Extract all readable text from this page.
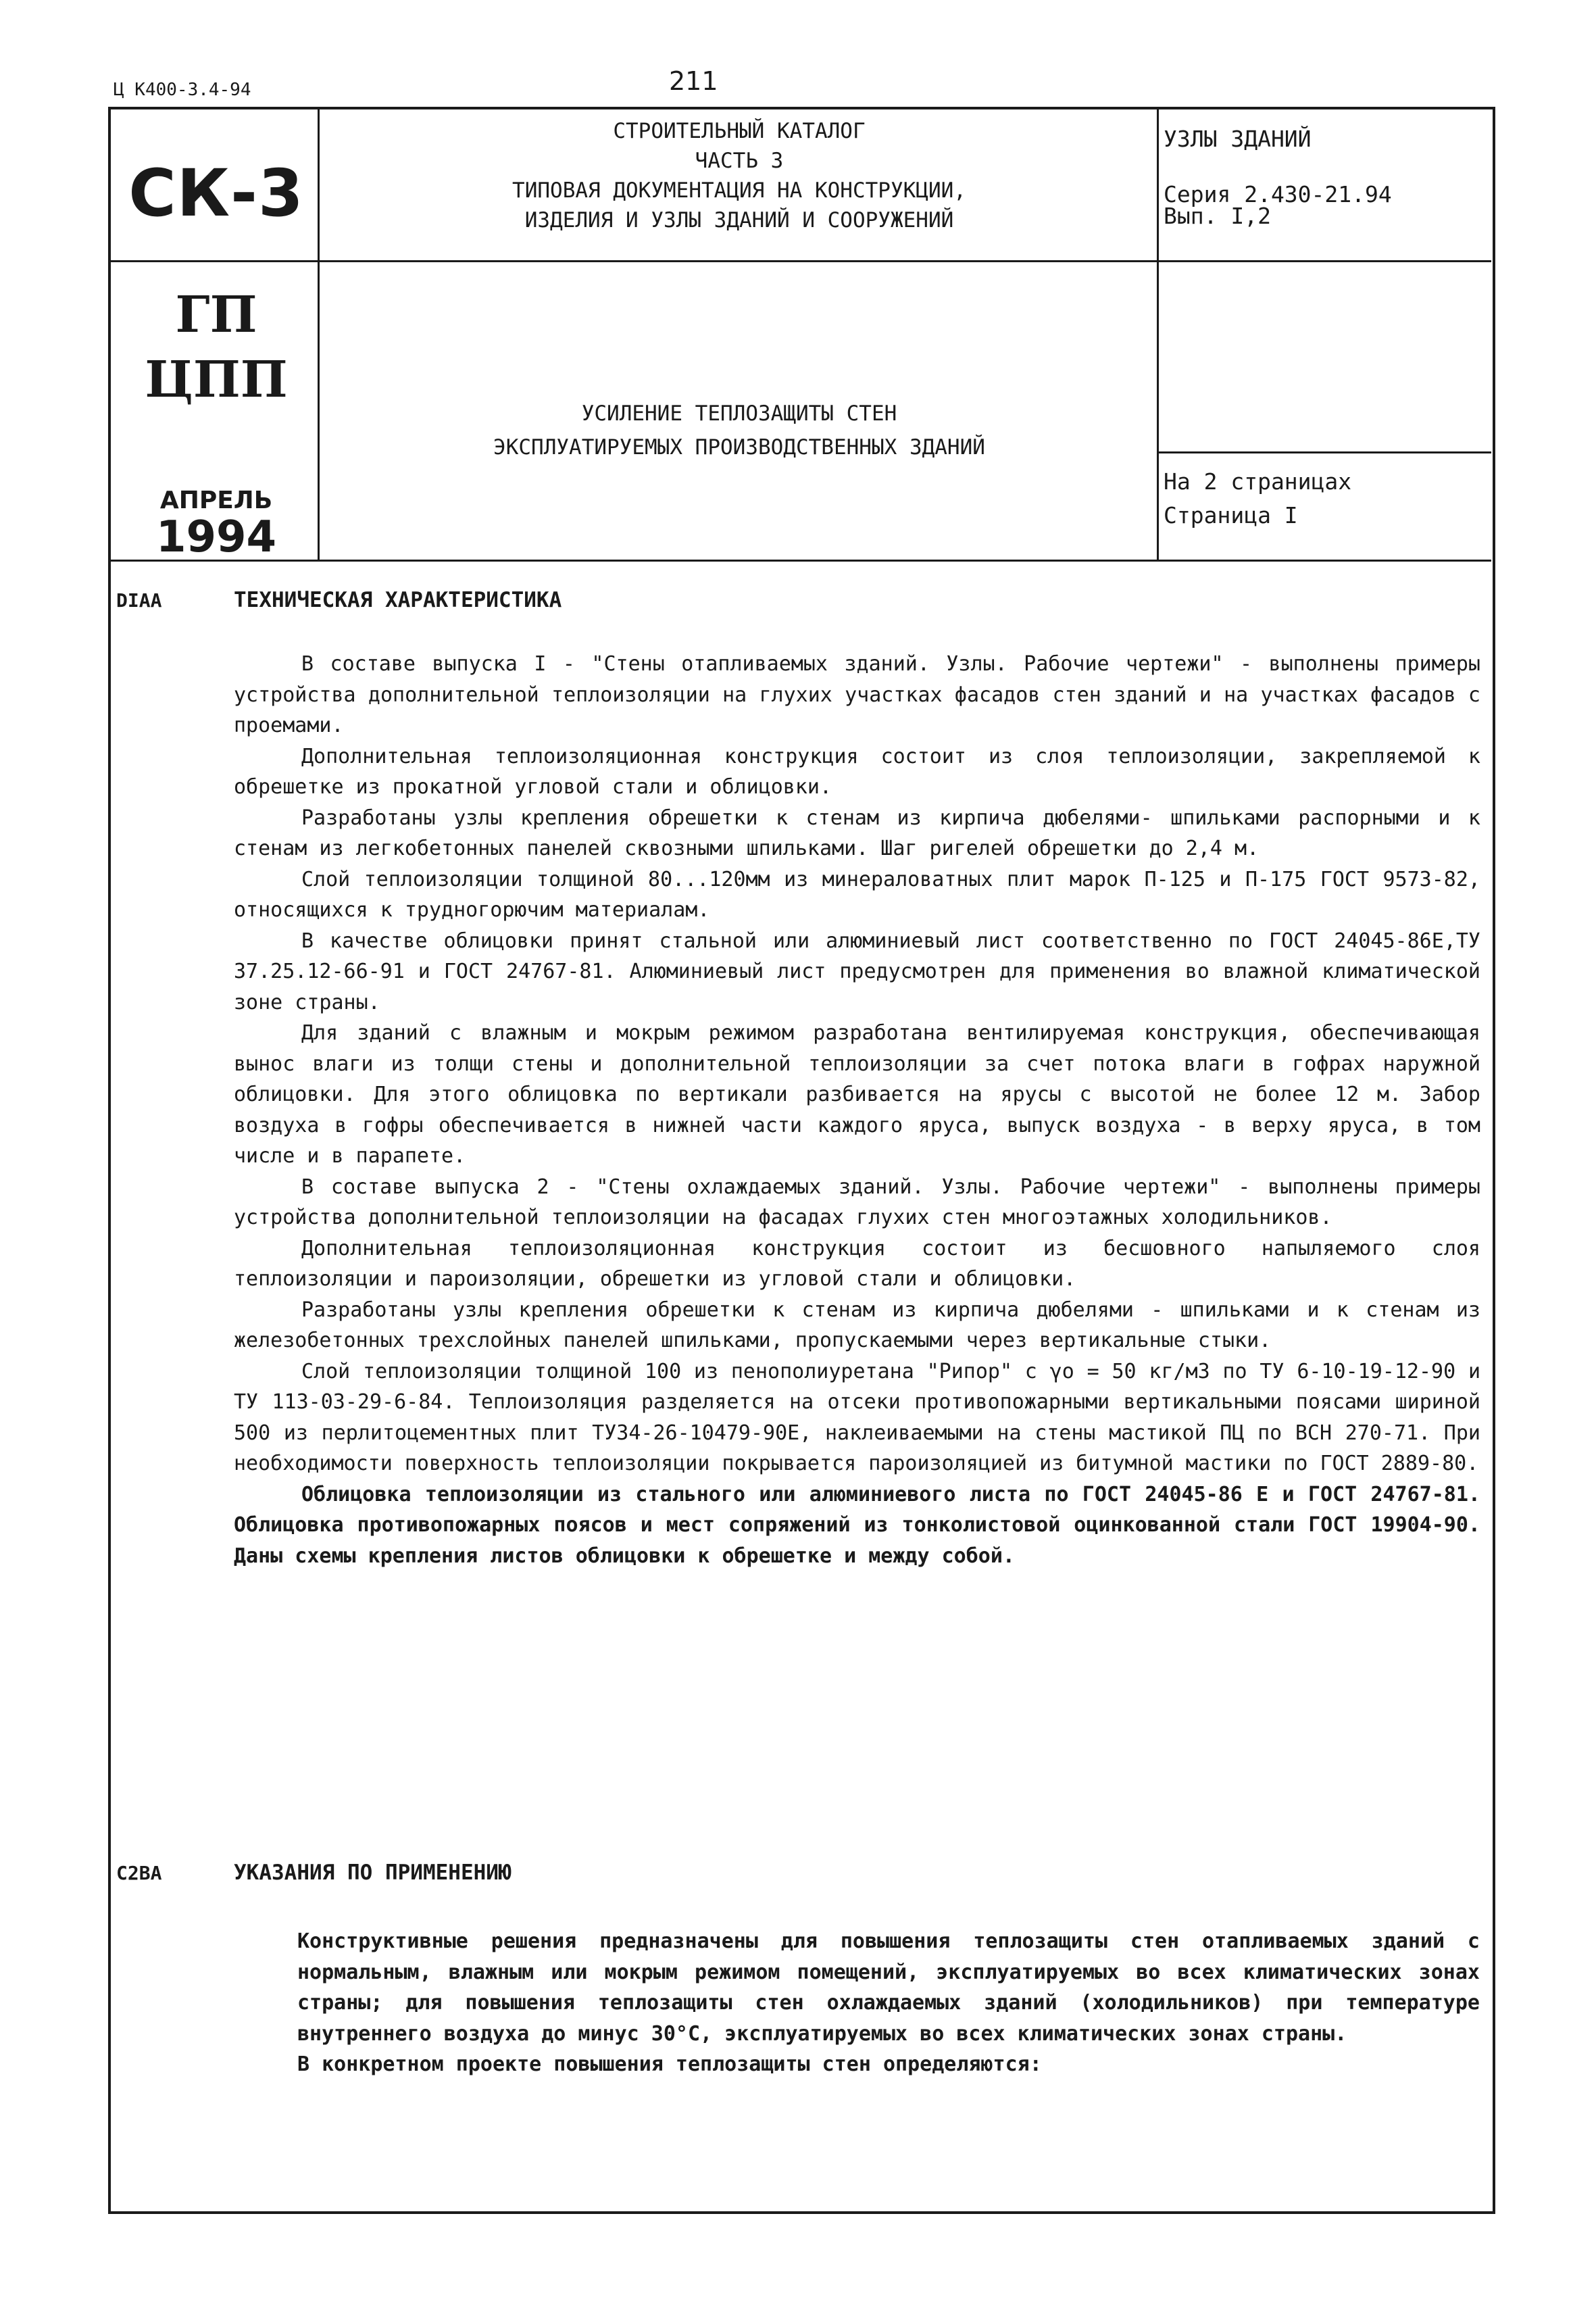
Ц К400-3.4-94	211
СК-3
ГП
ЦПП
АПРЕЛЬ
1994
СТРОИТЕЛЬНЫЙ КАТАЛОГ
ЧАСТЬ 3
ТИПОВАЯ ДОКУМЕНТАЦИЯ НА КОНСТРУКЦИИ,
ИЗДЕЛИЯ И УЗЛЫ ЗДАНИЙ И СООРУЖЕНИЙ
УСИЛЕНИЕ ТЕПЛОЗАЩИТЫ СТЕН
ЭКСПЛУАТИРУЕМЫХ ПРОИЗВОДСТВЕННЫХ ЗДАНИЙ
УЗЛЫ ЗДАНИЙ
Серия 2.430-21.94
Вып. I,2
На 2 страницах
Страница I
DIAA	ТЕХНИЧЕСКАЯ ХАРАКТЕРИСТИКА

В составе выпуска I - "Стены отапливаемых зданий. Узлы. Рабочие чертежи" - выполнены примеры устройства дополнительной теплоизоляции на глухих участках фасадов стен зданий и на участках фасадов с проемами.

Дополнительная теплоизоляционная конструкция состоит из слоя теплоизоляции, закрепляемой к обрешетке из прокатной угловой стали и облицовки.

Разработаны узлы крепления обрешетки к стенам из кирпича дюбелями- шпильками распорными и к стенам из легкобетонных панелей сквозными шпильками. Шаг ригелей обрешетки до 2,4 м.

Слой теплоизоляции толщиной 80...120мм из минераловатных плит марок П-125 и П-175 ГОСТ 9573-82, относящихся к трудногорючим материалам.

В качестве облицовки принят стальной или алюминиевый лист соответственно по ГОСТ 24045-86Е,ТУ 37.25.12-66-91 и ГОСТ 24767-81. Алюминиевый лист предусмотрен для применения во влажной климатической зоне страны.

Для зданий с влажным и мокрым режимом разработана вентилируемая конструкция, обеспечивающая вынос влаги из толщи стены и дополнительной теплоизоляции за счет потока влаги в гофрах наружной облицовки. Для этого облицовка по вертикали разбивается на ярусы с высотой не более 12 м. Забор воздуха в гофры обеспечивается в нижней части каждого яруса, выпуск воздуха - в верху яруса, в том числе и в парапете.

В составе выпуска 2 - "Стены охлаждаемых зданий. Узлы. Рабочие чертежи" - выполнены примеры устройства дополнительной теплоизоляции на фасадах глухих стен многоэтажных холодильников.

Дополнительная теплоизоляционная конструкция состоит из бесшовного напыляемого слоя теплоизоляции и пароизоляции, обрешетки из угловой стали и облицовки.

Разработаны узлы крепления обрешетки к стенам из кирпича дюбелями - шпильками и к стенам из железобетонных трехслойных панелей шпильками, пропускаемыми через вертикальные стыки.

Слой теплоизоляции толщиной 100 из пенополиуретана "Рипор" с γo = 50 кг/м3 по ТУ 6-10-19-12-90 и ТУ 113-03-29-6-84. Теплоизоляция разделяется на отсеки противопожарными вертикальными поясами шириной 500 из перлитоцементных плит ТУ34-26-10479-90Е, наклеиваемыми на стены мастикой ПЦ по ВСН 270-71. При необходимости поверхность теплоизоляции покрывается пароизоляцией из битумной мастики по ГОСТ 2889-80.

Облицовка теплоизоляции из стального или алюминиевого листа по ГОСТ 24045-86 Е и ГОСТ 24767-81. Облицовка противопожарных поясов и мест сопряжений из тонколистовой оцинкованной стали ГОСТ 19904-90. Даны схемы крепления листов облицовки к обрешетке и между собой.

C2BA	УКАЗАНИЯ ПО ПРИМЕНЕНИЮ

Конструктивные решения предназначены для повышения теплозащиты стен отапливаемых зданий с нормальным, влажным или мокрым режимом помещений, эксплуатируемых во всех климатических зонах страны; для повышения теплозащиты стен охлаждаемых зданий (холодильников) при температуре внутреннего воздуха до минус 30°С, эксплуатируемых во всех климатических зонах страны.

В конкретном проекте повышения теплозащиты стен определяются:
